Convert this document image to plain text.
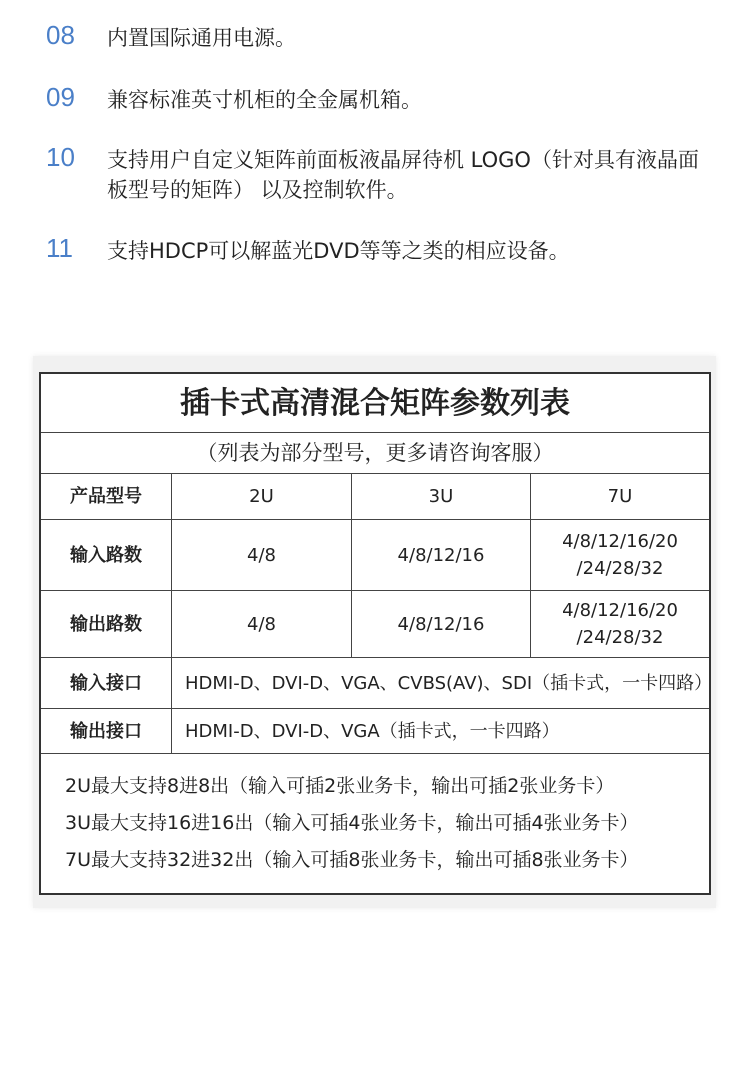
08 内置国际通用电源。
09 兼容标准英寸机柜的全金属机箱。
10 支持用户自定义矩阵前面板液晶屏待机 LOGO（针对具有液晶面板型号的矩阵） 以及控制软件。
11 支持HDCP可以解蓝光DVD等等之类的相应设备。
插卡式高清混合矩阵参数列表			
（列表为部分型号，更多请咨询客服）			
产品型号	2U	3U	7U
输入路数	4/8	4/8/12/16	4/8/12/16/20
/24/28/32

输出路数	4/8	4/8/12/16	4/8/12/16/20
/24/28/32

输入接口	HDMI-D、DVI-D、VGA、CVBS(AV)、SDI（插卡式，一卡四路）		
输出接口	HDMI-D、DVI-D、VGA（插卡式，一卡四路）		

2U最大支持8进8出（输入可插2张业务卡，输出可插2张业务卡）
3U最大支持16进16出（输入可插4张业务卡，输出可插4张业务卡）
7U最大支持32进32出（输入可插8张业务卡，输出可插8张业务卡）			
